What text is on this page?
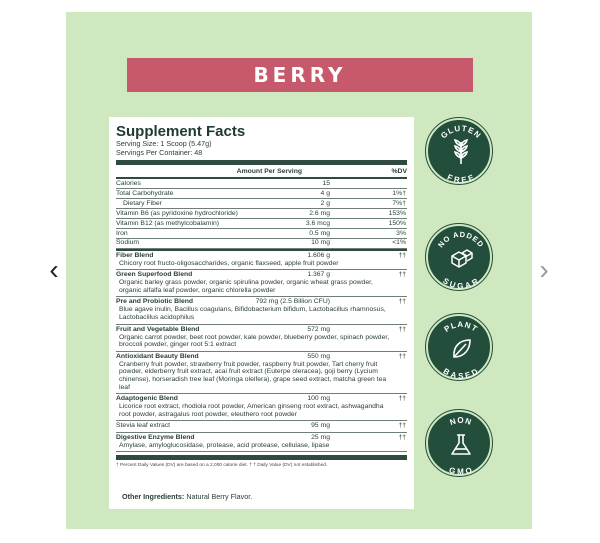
‹	›
BERRY
Supplement Facts
Serving Size: 1 Scoop (5.47g)
Servings Per Container: 48
Amount Per Serving	%DV
Calories	15
Total Carbohydrate	4 g	1%†
Dietary Fiber	2 g	7%†
Vitamin B6 (as pyridoxine hydrochloride)	2.6 mg	153%
Vitamin B12 (as methylcobalamin)	3.6 mcg	150%
Iron	0.5 mg	3%
Sodium	10 mg	<1%
Fiber Blend	1.606 g	††
Chicory root fructo-oligosaccharides, organic flaxseed, apple fruit powder
Green Superfood Blend	1.367 g	††
Organic barley grass powder, organic spirulina powder, organic wheat grass powder, organic alfalfa leaf powder, organic chlorella powder
Pre and Probiotic Blend	792 mg (2.5 Billion CFU)	††
Blue agave inulin, Bacillus coagulans, Bifidobacterium bifidum, Lactobacillus rhamnosus, Lactobacillus acidophilus
Fruit and Vegetable Blend	572 mg	††
Organic carrot powder, beet root powder, kale powder, blueberry powder, spinach powder, broccoli powder, ginger root 5:1 extract
Antioxidant Beauty Blend	550 mg	††
Cranberry fruit powder, strawberry fruit powder, raspberry fruit powder, Tart cherry fruit powder, elderberry fruit extract, acai fruit extract (Euterpe oleracea), goji berry (Lycium chinense), horseradish tree leaf (Moringa oleifera), grape seed extract, matcha green tea leaf
Adaptogenic Blend	100 mg	††
Licorice root extract, rhodiola root powder, American ginseng root extract, ashwagandha root powder, astragalus root powder, eleuthero root powder
Stevia leaf extract	95 mg	††
Digestive Enzyme Blend	25 mg	††
Amylase, amyloglucosidase, protease, acid protease, cellulase, lipase
† Percent Daily Values (DV) are based on a 2,000 calorie diet. † † Daily Value (DV) not established.
Other Ingredients: Natural Berry Flavor.
GLUTEN
FREE
NO ADDED
SUGAR
PLANT
BASED
NON
GMO
